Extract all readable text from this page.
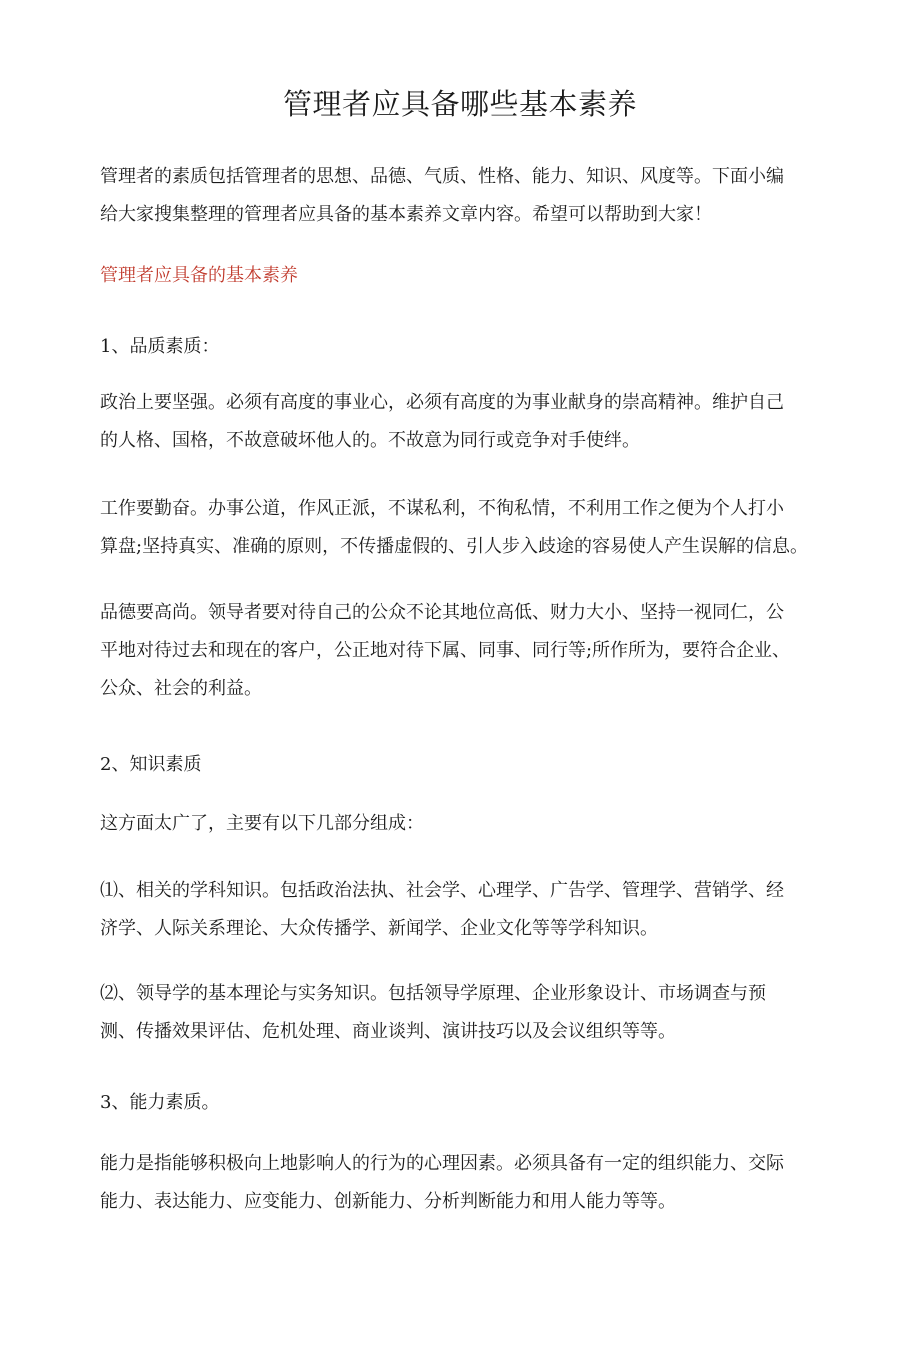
管理者应具备哪些基本素养

管理者的素质包括管理者的思想、品德、气质、性格、能力、知识、风度等。下面小编
给大家搜集整理的管理者应具备的基本素养文章内容。希望可以帮助到大家！

管理者应具备的基本素养

1、品质素质：

政治上要坚强。必须有高度的事业心，必须有高度的为事业献身的崇高精神。维护自己
的人格、国格，不故意破坏他人的。不故意为同行或竞争对手使绊。

工作要勤奋。办事公道，作风正派，不谋私利，不徇私情，不利用工作之便为个人打小
算盘;坚持真实、准确的原则，不传播虚假的、引人步入歧途的容易使人产生误解的信息。

品德要高尚。领导者要对待自己的公众不论其地位高低、财力大小、坚持一视同仁，公
平地对待过去和现在的客户，公正地对待下属、同事、同行等;所作所为，要符合企业、
公众、社会的利益。

2、知识素质

这方面太广了，主要有以下几部分组成：

⑴、相关的学科知识。包括政治法执、社会学、心理学、广告学、管理学、营销学、经
济学、人际关系理论、大众传播学、新闻学、企业文化等等学科知识。

⑵、领导学的基本理论与实务知识。包括领导学原理、企业形象设计、市场调查与预
测、传播效果评估、危机处理、商业谈判、演讲技巧以及会议组织等等。

3、能力素质。

能力是指能够积极向上地影响人的行为的心理因素。必须具备有一定的组织能力、交际
能力、表达能力、应变能力、创新能力、分析判断能力和用人能力等等。
